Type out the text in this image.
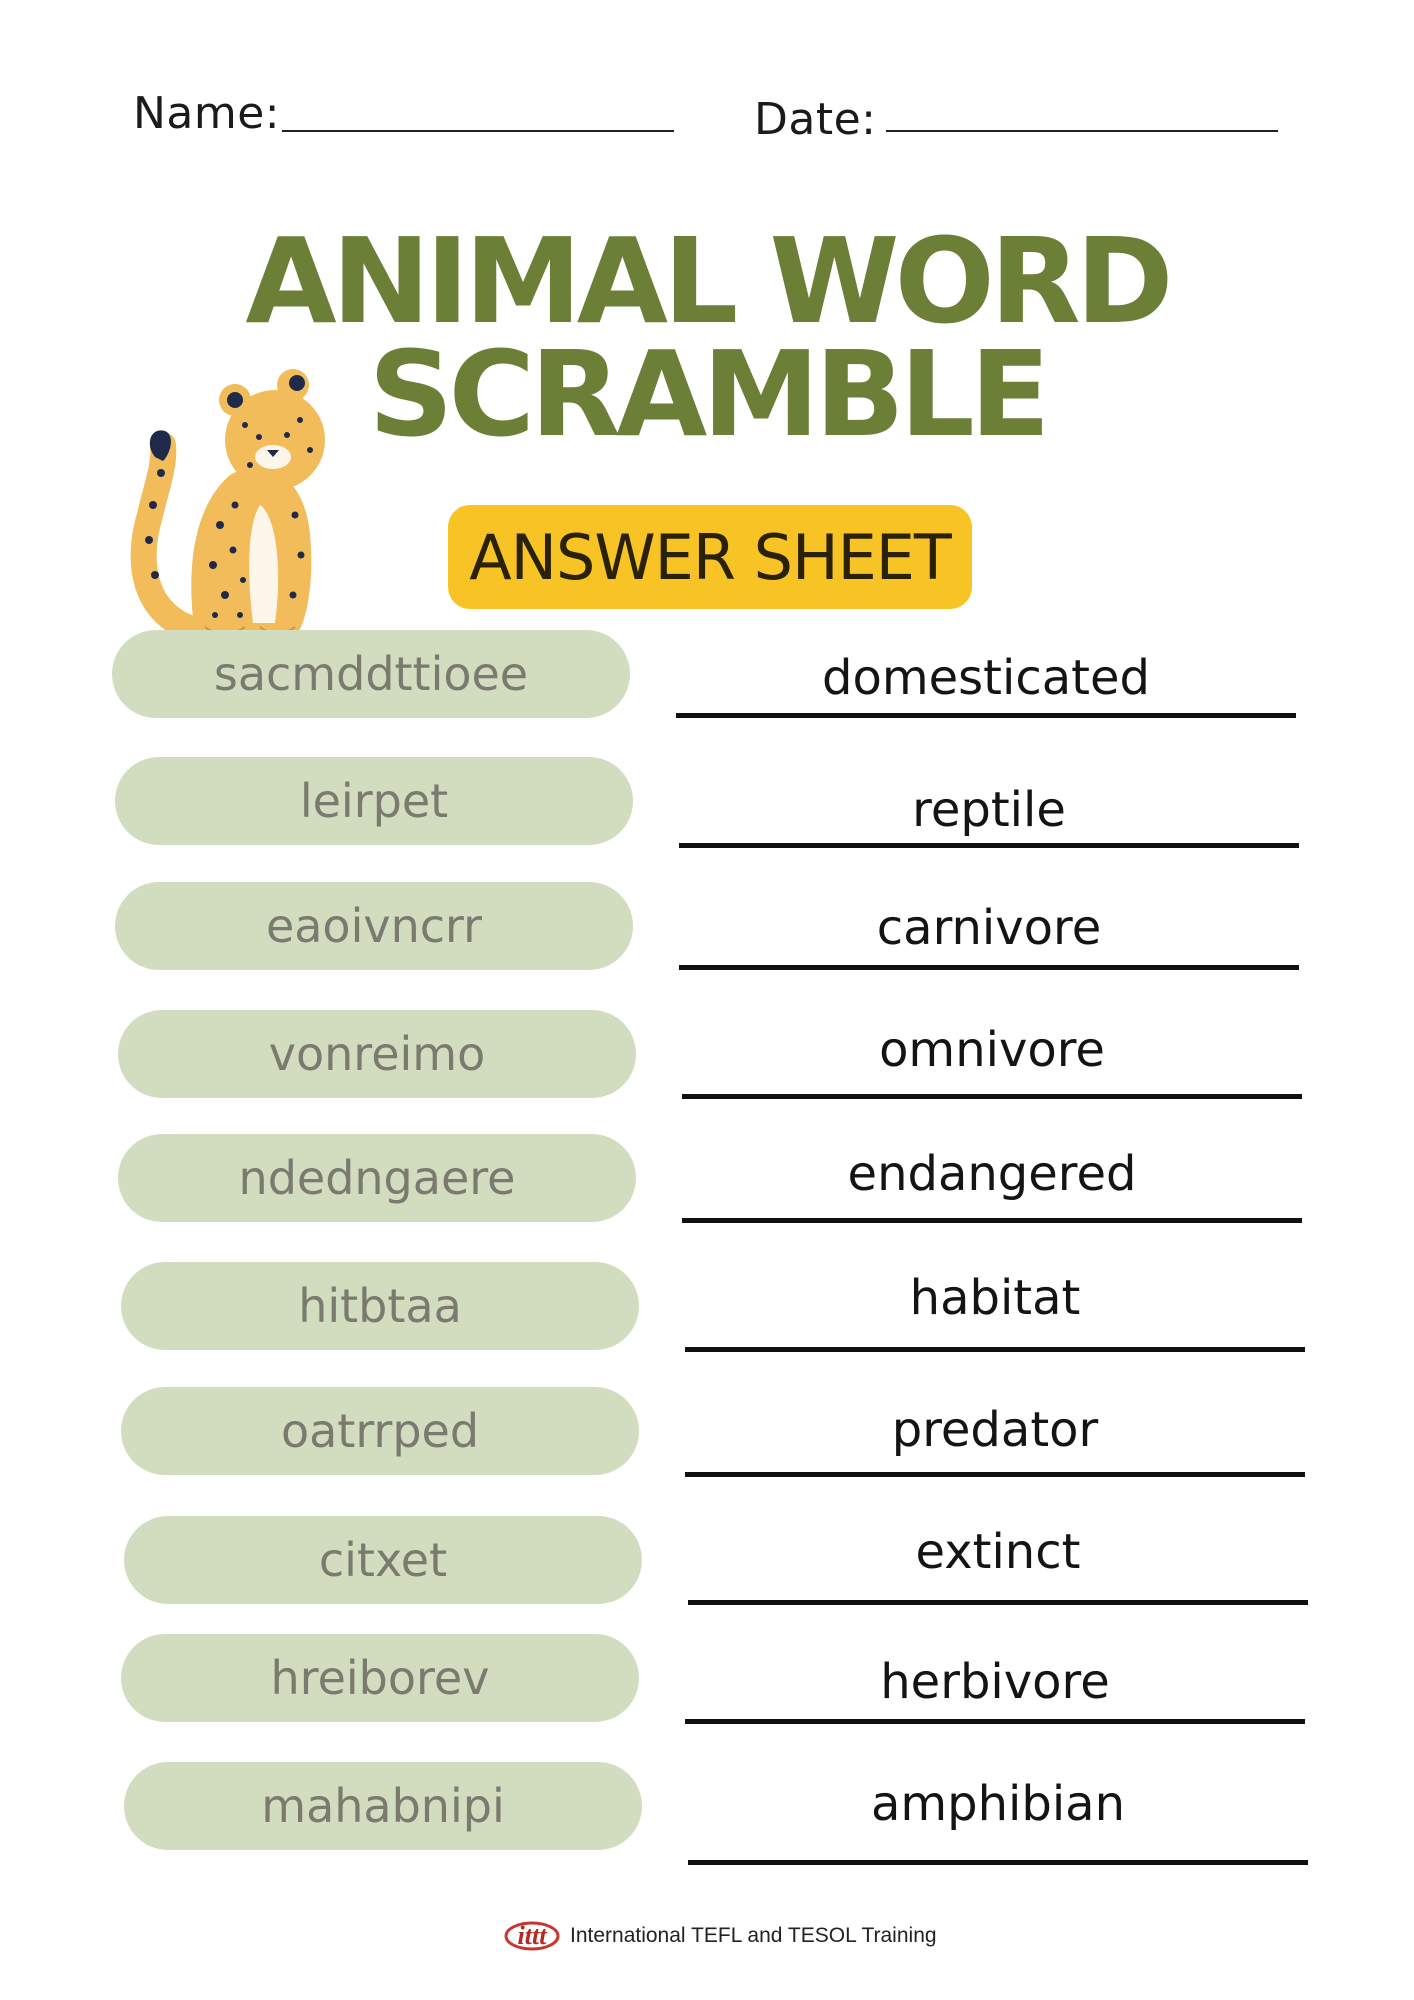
Name:	Date:
ANIMAL WORD
SCRAMBLE
ANSWER SHEET
sacmddttioee	domesticated
leirpet	reptile
eaoivncrr	carnivore
vonreimo	omnivore
ndedngaere	endangered
hitbtaa	habitat
oatrrped	predator
citxet	extinct
hreiborev	herbivore
mahabnipi	amphibian
ittt International TEFL and TESOL Training
